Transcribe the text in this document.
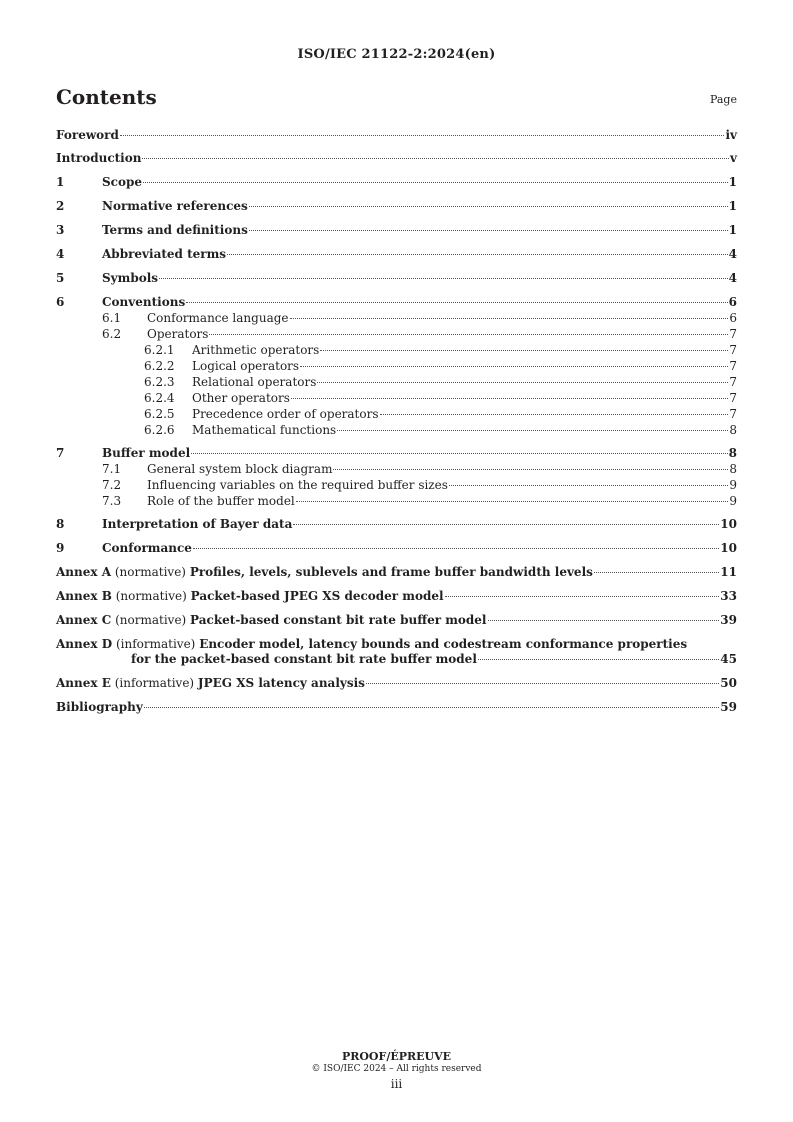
ISO/IEC 21122-2:2024(en)
Contents	Page
Foreword	iv
Introduction	v
1	Scope	1
2	Normative references	1
3	Terms and definitions	1
4	Abbreviated terms	4
5	Symbols	4
6	Conventions	6
6.1	Conformance language	6
6.2	Operators	7
6.2.1	Arithmetic operators	7
6.2.2	Logical operators	7
6.2.3	Relational operators	7
6.2.4	Other operators	7
6.2.5	Precedence order of operators	7
6.2.6	Mathematical functions	8
7	Buffer model	8
7.1	General system block diagram	8
7.2	Influencing variables on the required buffer sizes	9
7.3	Role of the buffer model	9
8	Interpretation of Bayer data	10
9	Conformance	10
Annex A (normative) Profiles, levels, sublevels and frame buffer bandwidth levels	11
Annex B (normative) Packet-based JPEG XS decoder model	33
Annex C (normative) Packet-based constant bit rate buffer model	39
Annex D (informative) Encoder model, latency bounds and codestream conformance properties
for the packet-based constant bit rate buffer model	45
Annex E (informative) JPEG XS latency analysis	50
Bibliography	59
PROOF/ÉPREUVE
© ISO/IEC 2024 – All rights reserved
iii
